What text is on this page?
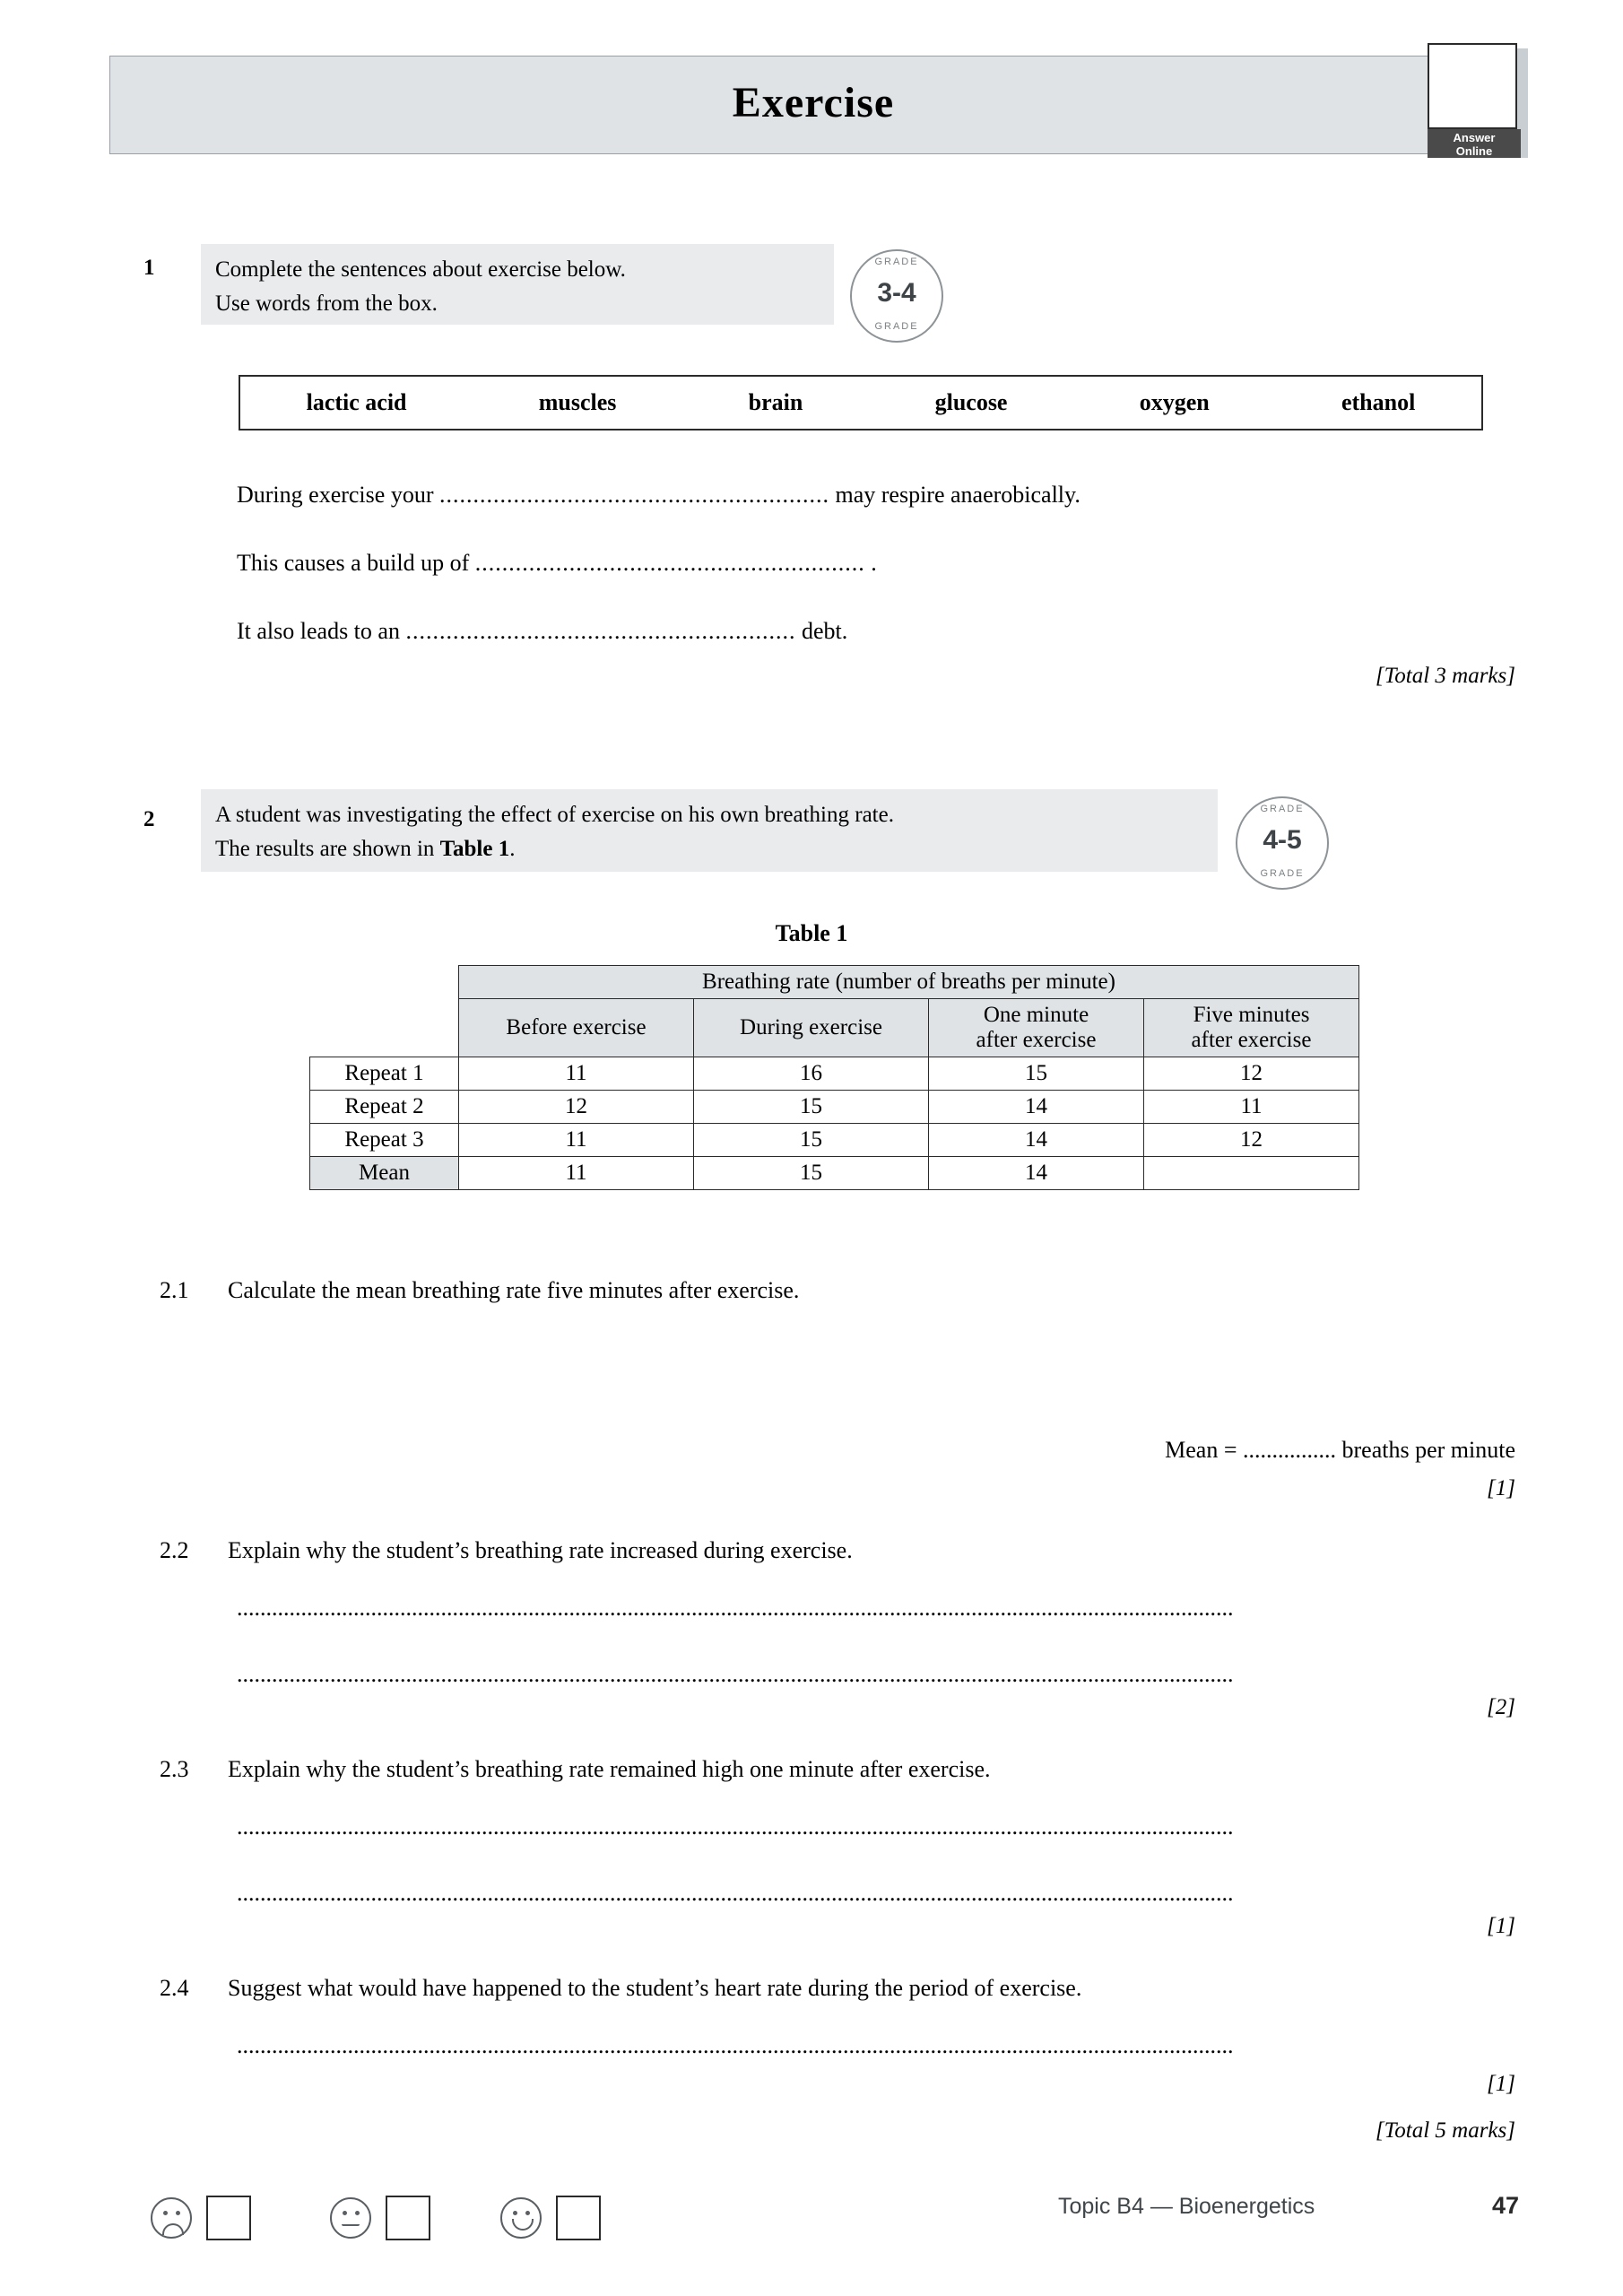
Exercise
Answer
Online
1	Complete the sentences about exercise below.
Use words from the box.
GRADE
3-4
GRADE
lactic acid	muscles	brain	glucose	oxygen	ethanol
During exercise your .......................................................... may respire anaerobically.
This causes a build up of .......................................................... .
It also leads to an .......................................................... debt.
[Total 3 marks]
2	A student was investigating the effect of exercise on his own breathing rate.
The results are shown in Table 1.
GRADE
4-5
GRADE
Table 1
	Breathing rate (number of breaths per minute)			
	Before exercise	During exercise	One minute
after exercise	Five minutes
after exercise
Repeat 1	11	16	15	12
Repeat 2	12	15	14	11
Repeat 3	11	15	14	12
Mean	11	15	14	
2.1 Calculate the mean breathing rate five minutes after exercise.
Mean = ................ breaths per minute
[1]
2.2 Explain why the student’s breathing rate increased during exercise.
...........................................................................................................................................................................
...........................................................................................................................................................................
[2]
2.3 Explain why the student’s breathing rate remained high one minute after exercise.
...........................................................................................................................................................................
...........................................................................................................................................................................
[1]
2.4 Suggest what would have happened to the student’s heart rate during the period of exercise.
...........................................................................................................................................................................
[1]
[Total 5 marks]
Topic B4 — Bioenergetics	47
